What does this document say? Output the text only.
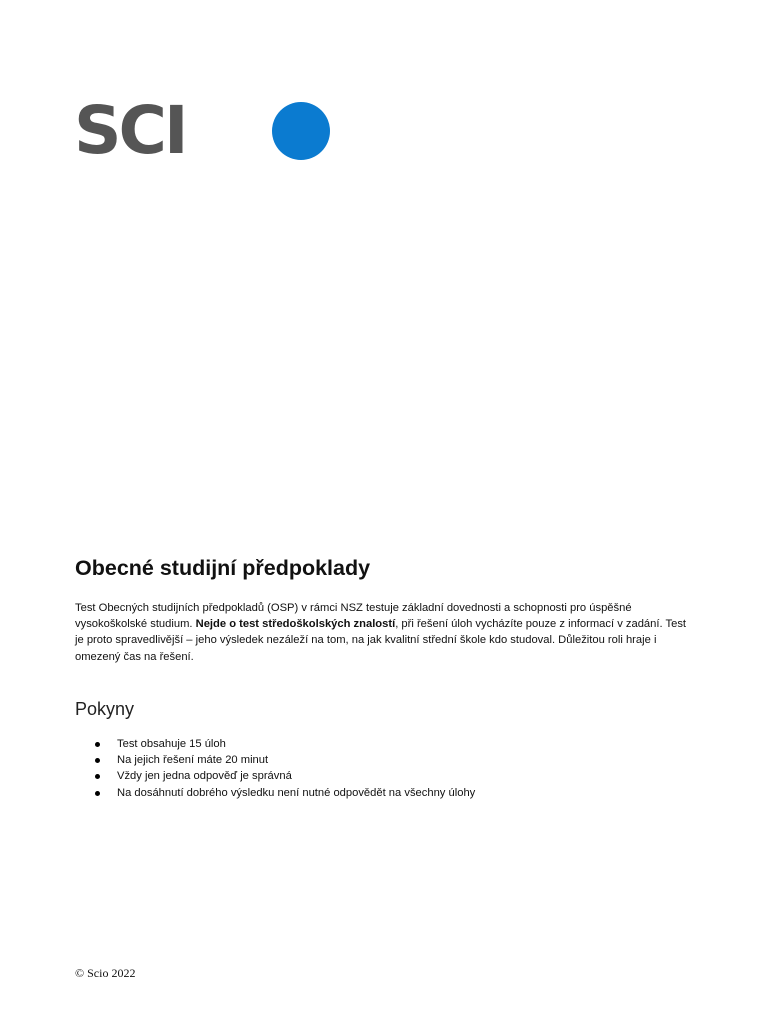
SCI
Obecné studijní předpoklady

Test Obecných studijních předpokladů (OSP) v rámci NSZ testuje základní dovednosti a schopnosti pro úspěšné vysokoškolské studium. Nejde o test středoškolských znalostí, při řešení úloh vycházíte pouze z informací v zadání. Test je proto spravedlivější – jeho výsledek nezáleží na tom, na jak kvalitní střední škole kdo studoval. Důležitou roli hraje i omezený čas na řešení.

Pokyny
Test obsahuje 15 úloh
Na jejich řešení máte 20 minut
Vždy jen jedna odpověď je správná
Na dosáhnutí dobrého výsledku není nutné odpovědět na všechny úlohy

© Scio 2022
